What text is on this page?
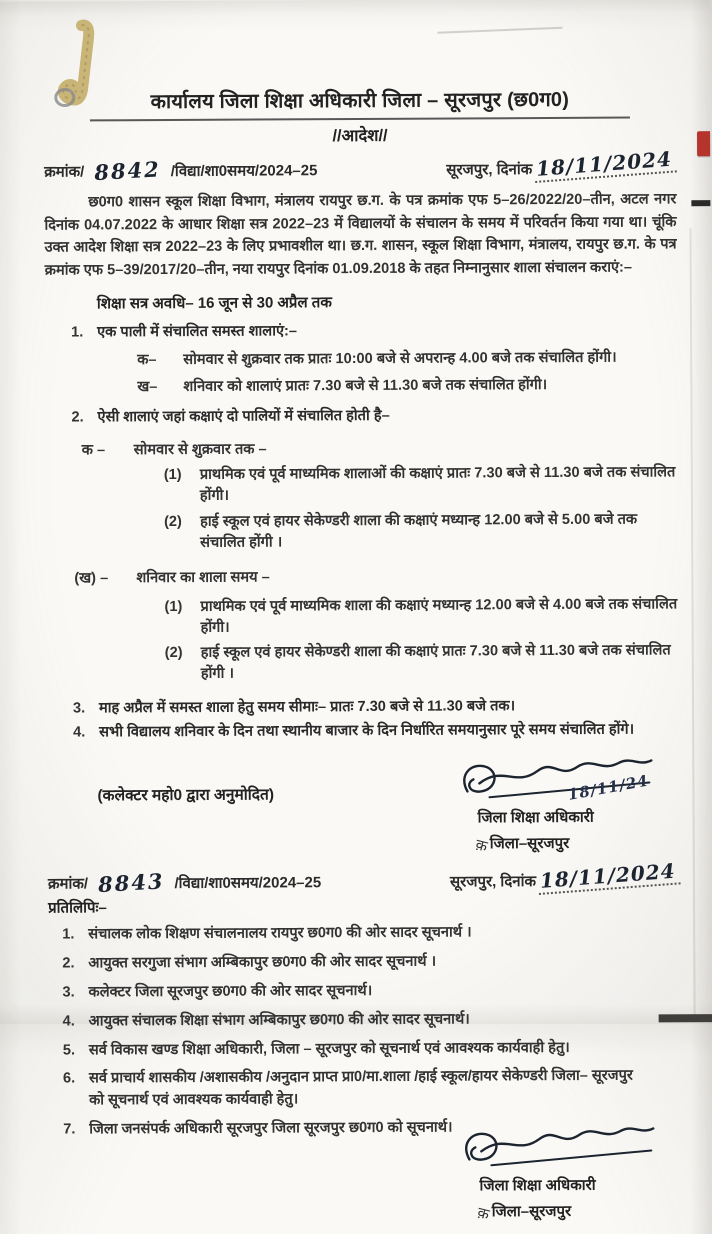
कार्यालय जिला शिक्षा अधिकारी जिला – सूरजपुर (छ0ग0)
//आदेश//
क्रमांक/ 8842 /विद्या/शा0समय/2024–25	सूरजपुर, दिनांक 18/11/2024
छ0ग0 शासन स्कूल शिक्षा विभाग, मंत्रालय रायपुर छ.ग. के पत्र क्रमांक एफ 5–26/2022/20–तीन, अटल नगर दिनांक 04.07.2022 के आधार शिक्षा सत्र 2022–23 में विद्यालयों के संचालन के समय में परिवर्तन किया गया था। चूंकि उक्त आदेश शिक्षा सत्र 2022–23 के लिए प्रभावशील था। छ.ग. शासन, स्कूल शिक्षा विभाग, मंत्रालय, रायपुर छ.ग. के पत्र क्रमांक एफ 5–39/2017/20–तीन, नया रायपुर दिनांक 01.09.2018 के तहत निम्नानुसार शाला संचालन कराएं:–
शिक्षा सत्र अवधि– 16 जून से 30 अप्रैल तक
1. एक पाली में संचालित समस्त शालाएं:–
क–	सोमवार से शुक्रवार तक प्रातः 10:00 बजे से अपरान्ह 4.00 बजे तक संचालित होंगी।
ख–	शनिवार को शालाएं प्रातः 7.30 बजे से 11.30 बजे तक संचालित होंगी।
2. ऐसी शालाएं जहां कक्षाएं दो पालियों में संचालित होती है–
क –	सोमवार से शुक्रवार तक –
(1)	प्राथमिक एवं पूर्व माध्यमिक शालाओं की कक्षाएं प्रातः 7.30 बजे से 11.30 बजे तक संचालित होंगी।
(2)	हाई स्कूल एवं हायर सेकेण्डरी शाला की कक्षाएं मध्यान्ह 12.00 बजे से 5.00 बजे तक संचालित होंगी ।
(ख) –	शनिवार का शाला समय –
(1)	प्राथमिक एवं पूर्व माध्यमिक शाला की कक्षाएं मध्यान्ह 12.00 बजे से 4.00 बजे तक संचालित होंगी।
(2)	हाई स्कूल एवं हायर सेकेण्डरी शाला की कक्षाएं प्रातः 7.30 बजे से 11.30 बजे तक संचालित होंगी ।
3. माह अप्रैल में समस्त शाला हेतु समय सीमाः– प्रातः 7.30 बजे से 11.30 बजे तक।
4. सभी विद्यालय शनिवार के दिन तथा स्थानीय बाजार के दिन निर्धारित समयानुसार पूरे समय संचालित होंगे।
(कलेक्टर महो0 द्वारा अनुमोदित)	18/11/24
जिला शिक्षा अधिकारी
क़ जिला–सूरजपुर
क्रमांक/ 8843 /विद्या/शा0समय/2024–25	सूरजपुर, दिनांक 18/11/2024
प्रतिलिपिः–
1. संचालक लोक शिक्षण संचालनालय रायपुर छ0ग0 की ओर सादर सूचनार्थ ।
2. आयुक्त सरगुजा संभाग अम्बिकापुर छ0ग0 की ओर सादर सूचनार्थ ।
3. कलेक्टर जिला सूरजपुर छ0ग0 की ओर सादर सूचनार्थ।
4. आयुक्त संचालक शिक्षा संभाग अम्बिकापुर छ0ग0 की ओर सादर सूचनार्थ।
5. सर्व विकास खण्ड शिक्षा अधिकारी, जिला – सूरजपुर को सूचनार्थ एवं आवश्यक कार्यवाही हेतु।
6. सर्व प्राचार्य शासकीय /अशासकीय /अनुदान प्राप्त प्रा0/मा.शाला /हाई स्कूल/हायर सेकेण्डरी जिला– सूरजपुर को सूचनार्थ एवं आवश्यक कार्यवाही हेतु।
7. जिला जनसंपर्क अधिकारी सूरजपुर जिला सूरजपुर छ0ग0 को सूचनार्थ।
जिला शिक्षा अधिकारी
क़ जिला–सूरजपुर
